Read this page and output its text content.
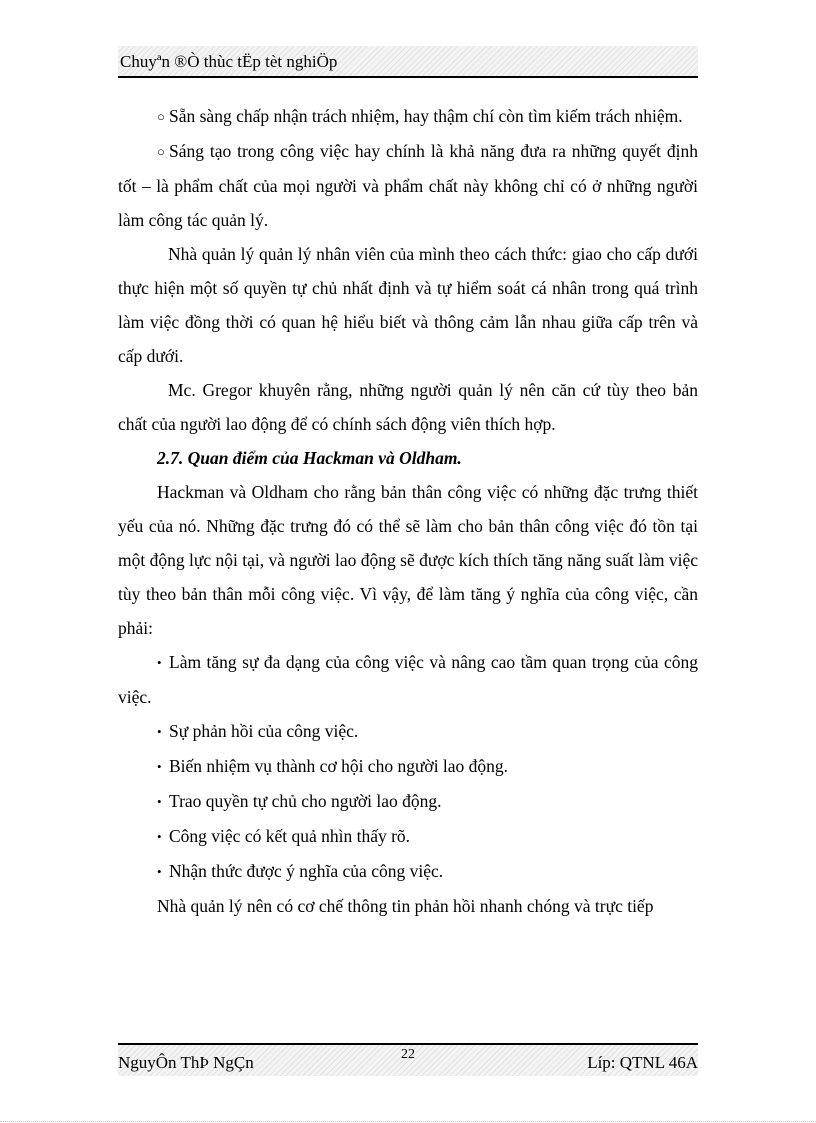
Chuyªn ®Ò thùc tËp tèt nghiÖp

○ Sẵn sàng chấp nhận trách nhiệm, hay thậm chí còn tìm kiếm trách nhiệm.

○ Sáng tạo trong công việc hay chính là khả năng đưa ra những quyết định tốt – là phẩm chất của mọi người và phẩm chất này không chỉ có ở những người làm công tác quản lý.

Nhà quản lý quản lý nhân viên của mình theo cách thức: giao cho cấp dưới thực hiện một số quyền tự chủ nhất định và tự hiểm soát cá nhân trong quá trình làm việc đồng thời có quan hệ hiểu biết và thông cảm lẫn nhau giữa cấp trên và cấp dưới.

Mc. Gregor khuyên rằng, những người quản lý nên căn cứ tùy theo bản chất của người lao động để có chính sách động viên thích hợp.

2.7. Quan điểm của Hackman và Oldham.

Hackman và Oldham cho rằng bản thân công việc có những đặc trưng thiết yếu của nó. Những đặc trưng đó có thể sẽ làm cho bản thân công việc đó tồn tại một động lực nội tại, và người lao động sẽ được kích thích tăng năng suất làm việc tùy theo bản thân mỗi công việc. Vì vậy, để làm tăng ý nghĩa của công việc, cần phải:

• Làm tăng sự đa dạng của công việc và nâng cao tầm quan trọng của công việc.

• Sự phản hồi của công việc.

• Biến nhiệm vụ thành cơ hội cho người lao động.

• Trao quyền tự chủ cho người lao động.

• Công việc có kết quả nhìn thấy rõ.

• Nhận thức được ý nghĩa của công việc.

Nhà quản lý nên có cơ chế thông tin phản hồi nhanh chóng và trực tiếp

NguyÔn ThÞ NgÇn	22	Líp: QTNL 46A
